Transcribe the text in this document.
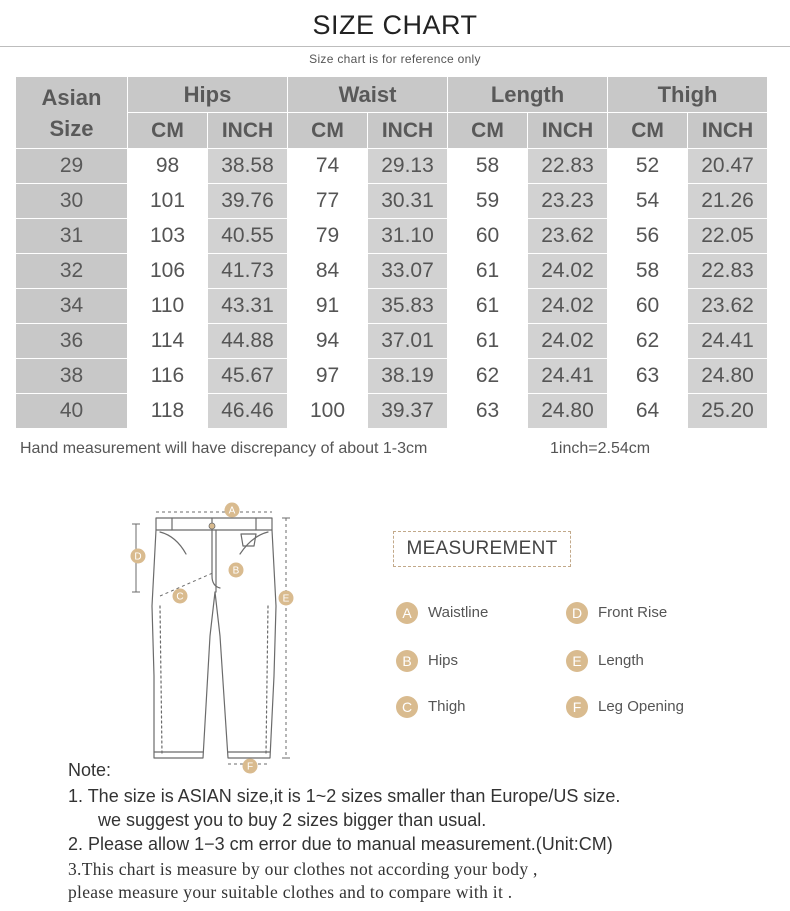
SIZE CHART
Size chart is for reference only
Asian
Size	Hips		Waist		Length		Thigh	
	CM	INCH	CM	INCH	CM	INCH	CM	INCH
29	98	38.58	74	29.13	58	22.83	52	20.47
30	101	39.76	77	30.31	59	23.23	54	21.26
31	103	40.55	79	31.10	60	23.62	56	22.05
32	106	41.73	84	33.07	61	24.02	58	22.83
34	110	43.31	91	35.83	61	24.02	60	23.62
36	114	44.88	94	37.01	61	24.02	62	24.41
38	116	45.67	97	38.19	62	24.41	63	24.80
40	118	46.46	100	39.37	63	24.80	64	25.20
Hand measurement will have discrepancy of about 1-3cm	1inch=2.54cm
A
B
C
D
E
F
MEASUREMENT
A Waistline
B Hips
C Thigh
D Front Rise
E Length
F Leg Opening
Note:
1. The size is ASIAN size,it is 1~2 sizes smaller than Europe/US size.
we suggest you to buy 2 sizes bigger than usual.
2. Please allow 1−3 cm error due to manual measurement.(Unit:CM)
3.This chart is measure by our clothes not according your body ,
please measure your suitable clothes and to compare with it .
